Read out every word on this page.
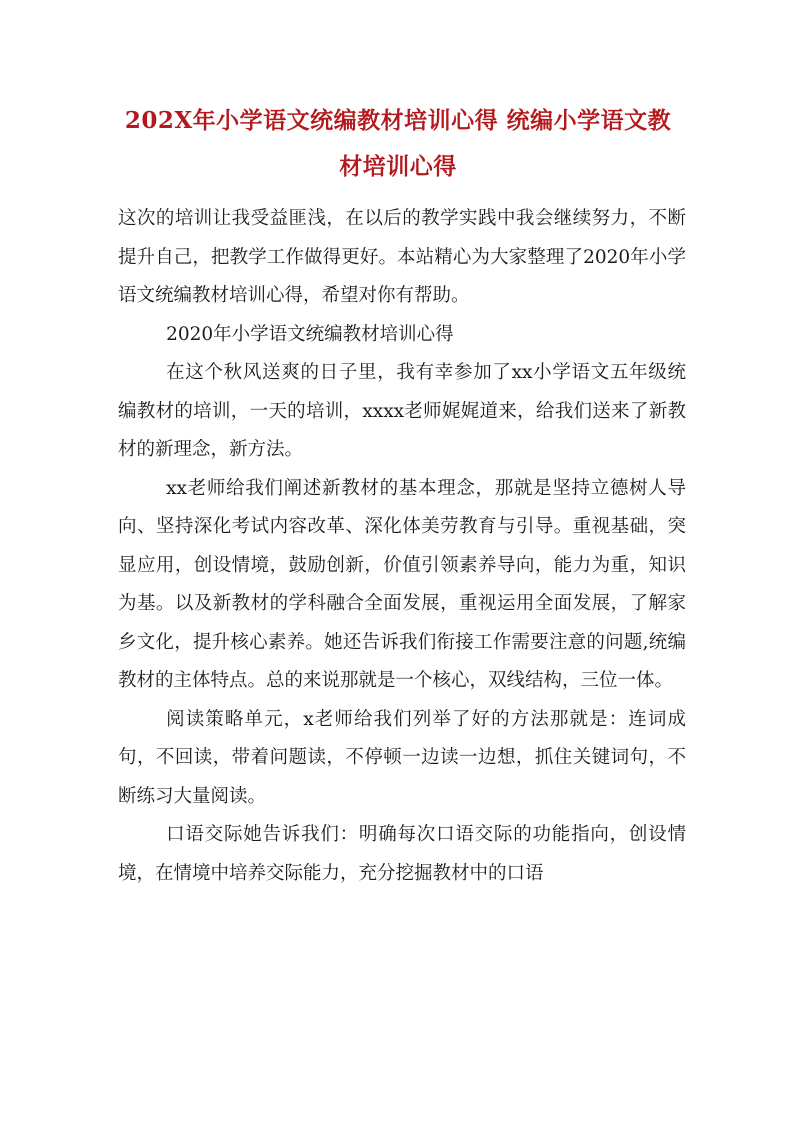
202X年小学语文统编教材培训心得 统编小学语文教材培训心得

这次的培训让我受益匪浅，在以后的教学实践中我会继续努力，不断提升自己，把教学工作做得更好。本站精心为大家整理了2020年小学语文统编教材培训心得，希望对你有帮助。

2020年小学语文统编教材培训心得

在这个秋风送爽的日子里，我有幸参加了xx小学语文五年级统编教材的培训，一天的培训，xxxx老师娓娓道来，给我们送来了新教材的新理念，新方法。

xx老师给我们阐述新教材的基本理念，那就是坚持立德树人导向、坚持深化考试内容改革、深化体美劳教育与引导。重视基础，突显应用，创设情境，鼓励创新，价值引领素养导向，能力为重，知识为基。以及新教材的学科融合全面发展，重视运用全面发展，了解家乡文化，提升核心素养。她还告诉我们衔接工作需要注意的问题,统编教材的主体特点。总的来说那就是一个核心，双线结构，三位一体。

阅读策略单元，x老师给我们列举了好的方法那就是：连词成句，不回读，带着问题读，不停顿一边读一边想，抓住关键词句，不断练习大量阅读。

口语交际她告诉我们：明确每次口语交际的功能指向，创设情境，在情境中培养交际能力，充分挖掘教材中的口语
